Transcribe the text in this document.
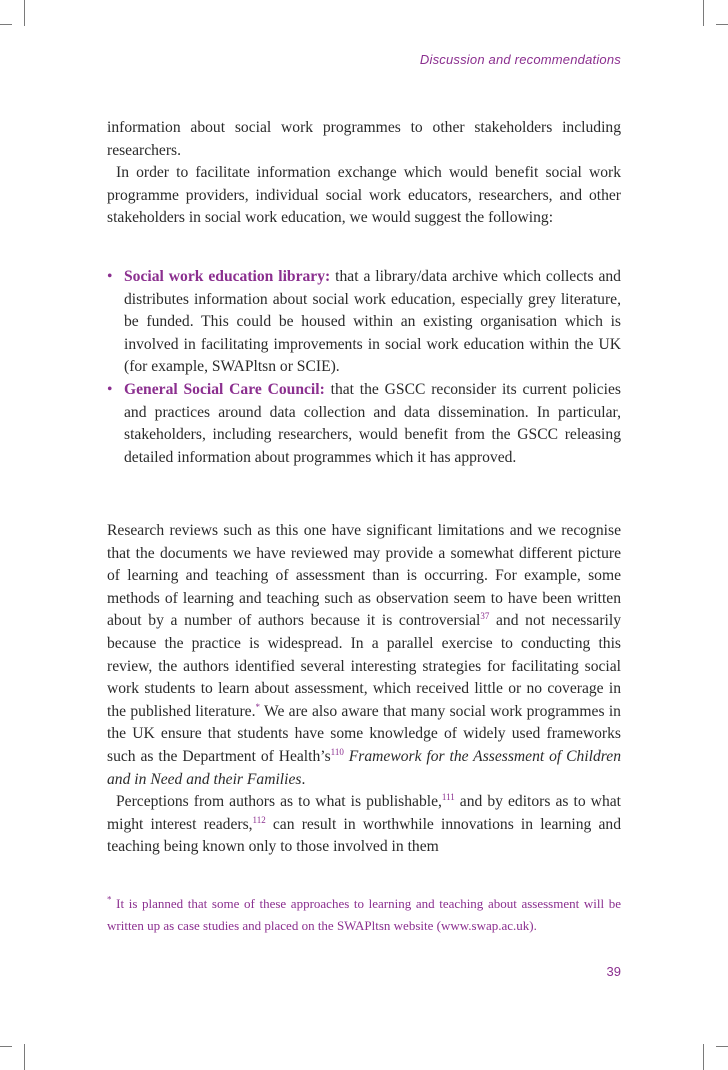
Discussion and recommendations

information about social work programmes to other stakeholders including researchers.

In order to facilitate information exchange which would benefit social work programme providers, individual social work educators, researchers, and other stakeholders in social work education, we would suggest the following:

• Social work education library: that a library/data archive which collects and distributes information about social work education, especially grey literature, be funded. This could be housed within an existing organisation which is involved in facilitating improvements in social work education within the UK (for example, SWAPltsn or SCIE).
• General Social Care Council: that the GSCC reconsider its current policies and practices around data collection and data dissemination. In particular, stakeholders, including researchers, would benefit from the GSCC releasing detailed information about programmes which it has approved.

Research reviews such as this one have significant limitations and we recognise that the documents we have reviewed may provide a somewhat different picture of learning and teaching of assessment than is occurring. For example, some methods of learning and teaching such as observation seem to have been written about by a number of authors because it is controversial$^{37}$ and not necessarily because the practice is widespread. In a parallel exercise to conducting this review, the authors identified several interesting strategies for facilitating social work students to learn about assessment, which received little or no coverage in the published literature.* We are also aware that many social work programmes in the UK ensure that students have some knowledge of widely used frameworks such as the Department of $Health’s^{110}$ Framework for the Assessment of Children and in Need and their Families.

Perceptions from authors as to what is publishable,$^{111}$ and by editors as to what might interest readers,$^{112}$ can result in worthwhile innovations in learning and teaching being known only to those involved in them

* It is planned that some of these approaches to learning and teaching about assessment will be written up as case studies and placed on the SWAPltsn website (www.swap.ac.uk).
39
